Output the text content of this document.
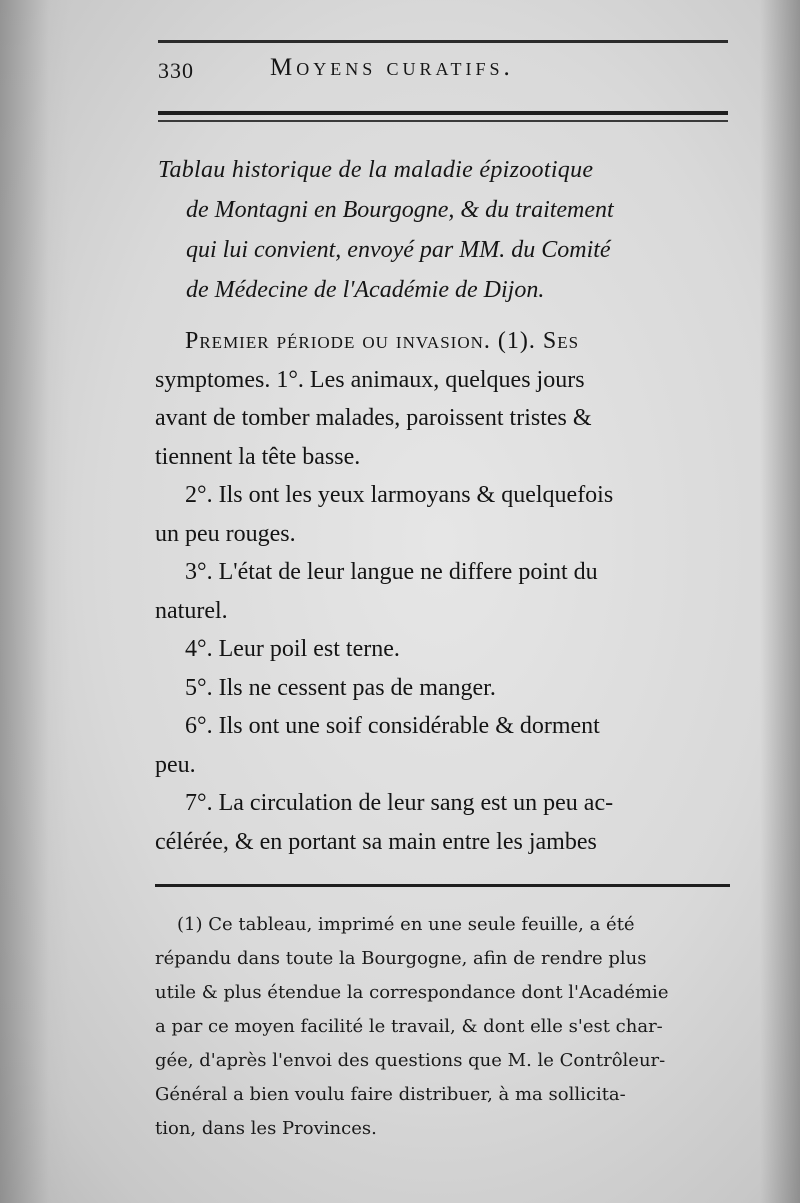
330	Moyens curatifs.
Tablau historique de la maladie épizootique
de Montagni en Bourgogne, & du traitement
qui lui convient, envoyé par MM. du Comité
de Médecine de l'Académie de Dijon.
Premier période ou invasion. (1). Ses
symptomes. 1°. Les animaux, quelques jours
avant de tomber malades, paroissent tristes &
tiennent la tête basse.
2°. Ils ont les yeux larmoyans & quelquefois
un peu rouges.
3°. L'état de leur langue ne differe point du
naturel.
4°. Leur poil est terne.
5°. Ils ne cessent pas de manger.
6°. Ils ont une soif considérable & dorment
peu.
7°. La circulation de leur sang est un peu ac-
célérée, & en portant sa main entre les jambes
(1) Ce tableau, imprimé en une seule feuille, a été
répandu dans toute la Bourgogne, afin de rendre plus
utile & plus étendue la correspondance dont l'Académie
a par ce moyen facilité le travail, & dont elle s'est char-
gée, d'après l'envoi des questions que M. le Contrôleur-
Général a bien voulu faire distribuer, à ma sollicita-
tion, dans les Provinces.
